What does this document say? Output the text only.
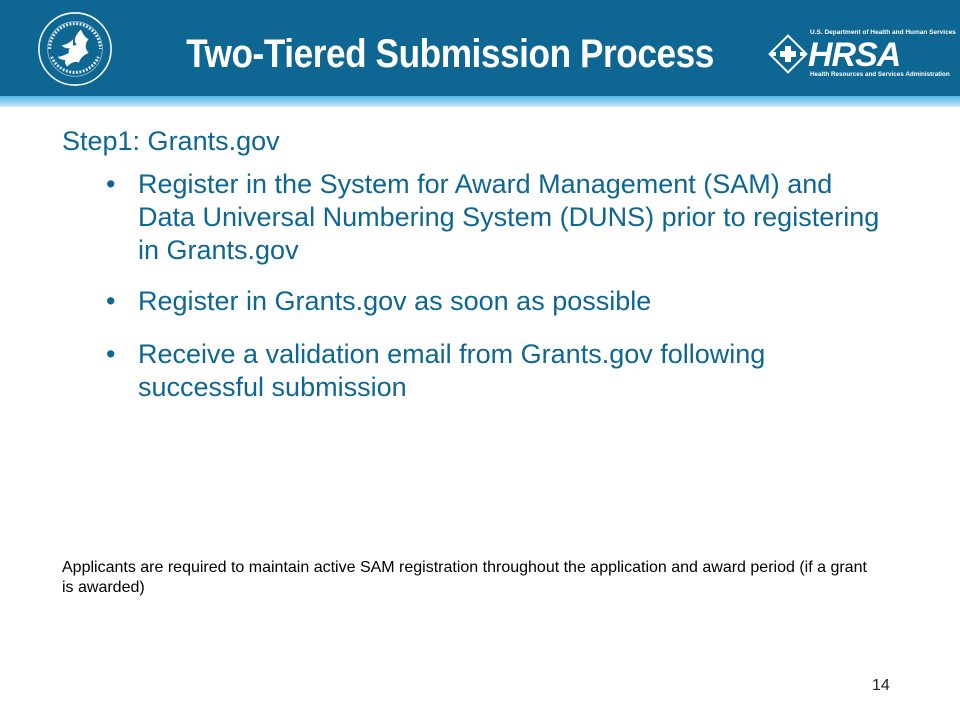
Two-Tiered Submission Process	U.S. Department of Health and Human Services
HRSA
Health Resources and Services Administration
Step1: Grants.gov
• Register in the System for Award Management (SAM) and Data Universal Numbering System (DUNS) prior to registering in Grants.gov
• Register in Grants.gov as soon as possible
• Receive a validation email from Grants.gov following successful submission
Applicants are required to maintain active SAM registration throughout the application and award period (if a grant is awarded)
14
